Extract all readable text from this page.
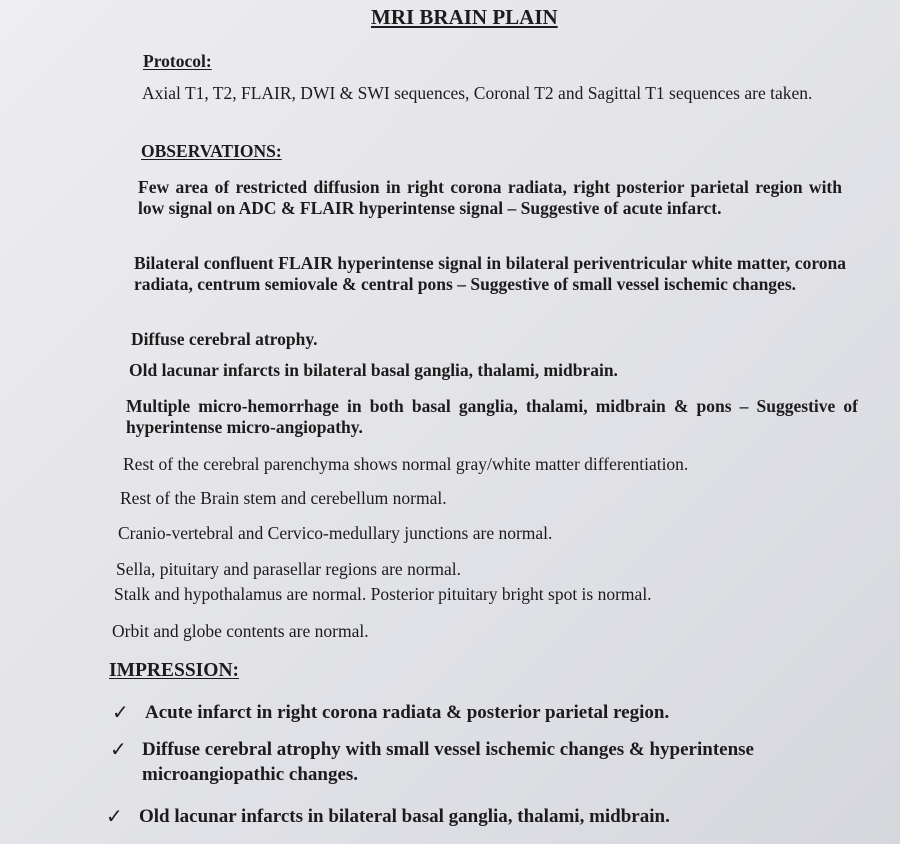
MRI BRAIN PLAIN
Protocol:
Axial T1, T2, FLAIR, DWI & SWI sequences, Coronal T2 and Sagittal T1 sequences are taken.
OBSERVATIONS:
Few area of restricted diffusion in right corona radiata, right posterior parietal region with low signal on ADC & FLAIR hyperintense signal – Suggestive of acute infarct.
Bilateral confluent FLAIR hyperintense signal in bilateral periventricular white matter, corona radiata, centrum semiovale & central pons – Suggestive of small vessel ischemic changes.
Diffuse cerebral atrophy.
Old lacunar infarcts in bilateral basal ganglia, thalami, midbrain.
Multiple micro-hemorrhage in both basal ganglia, thalami, midbrain & pons – Suggestive of hyperintense micro-angiopathy.
Rest of the cerebral parenchyma shows normal gray/white matter differentiation.
Rest of the Brain stem and cerebellum normal.
Cranio-vertebral and Cervico-medullary junctions are normal.
Sella, pituitary and parasellar regions are normal.
Stalk and hypothalamus are normal. Posterior pituitary bright spot is normal.
Orbit and globe contents are normal.
IMPRESSION:
✓ Acute infarct in right corona radiata & posterior parietal region.
✓ Diffuse cerebral atrophy with small vessel ischemic changes & hyperintense microangiopathic changes.
✓ Old lacunar infarcts in bilateral basal ganglia, thalami, midbrain.
